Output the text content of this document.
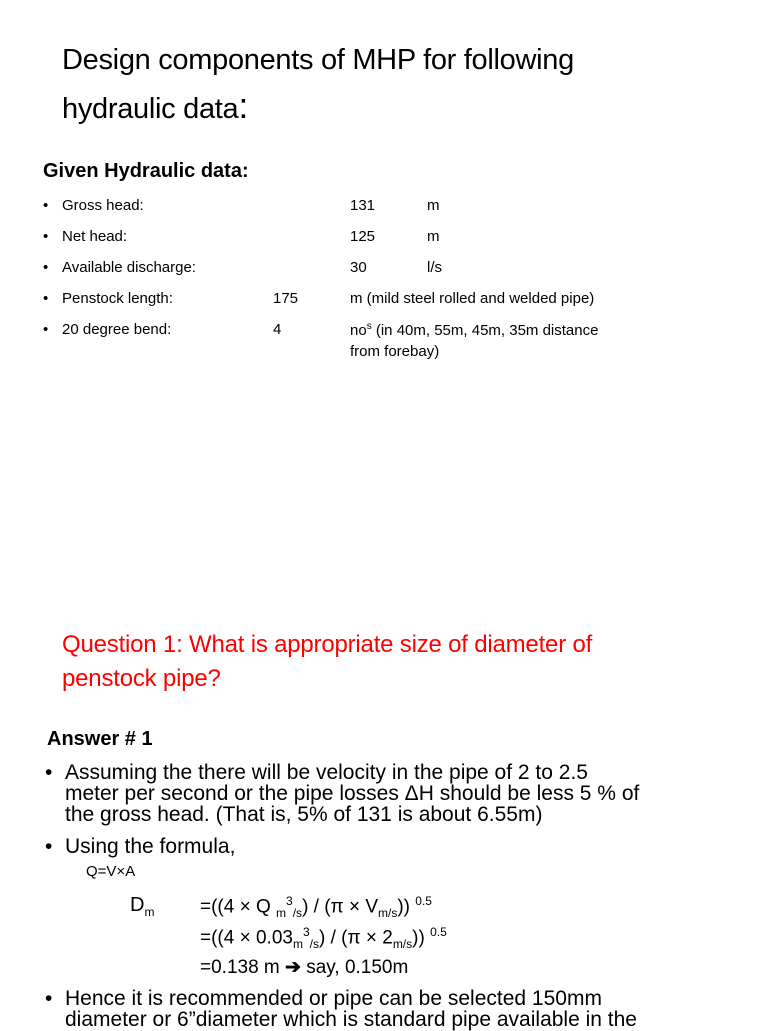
Design components of MHP for following
hydraulic data:
Given Hydraulic data:
• Gross head:	131	m
• Net head:	125	m
• Available discharge:	30	l/s
• Penstock length:	175	m (mild steel rolled and welded pipe)
• 20 degree bend:	4	$no^s$ (in 40m, 55m, 45m, 35m distance
from forebay)
Question 1: What is appropriate size of diameter of
penstock pipe?
Answer # 1
• Assuming the there will be velocity in the pipe of 2 to 2.5
meter per second or the pipe losses ΔH should be less 5 % of
the gross head. (That is, 5% of 131 is about 6.55m)
• Using the formula,
Q=V×A
$D_m =((4 \times Q$ $_m^3_{/s}) / (\pi \times V_{m/s})$) $^{0.5}$
$=((4 \times 0.03_m^3_{/s}) / (\pi \times 2_{m/s}))$ $^{0.5}$
=0.138 m ➔ say, 0.150m
• Hence it is recommended or pipe can be selected 150mm
diameter or 6”diameter which is standard pipe available in the
